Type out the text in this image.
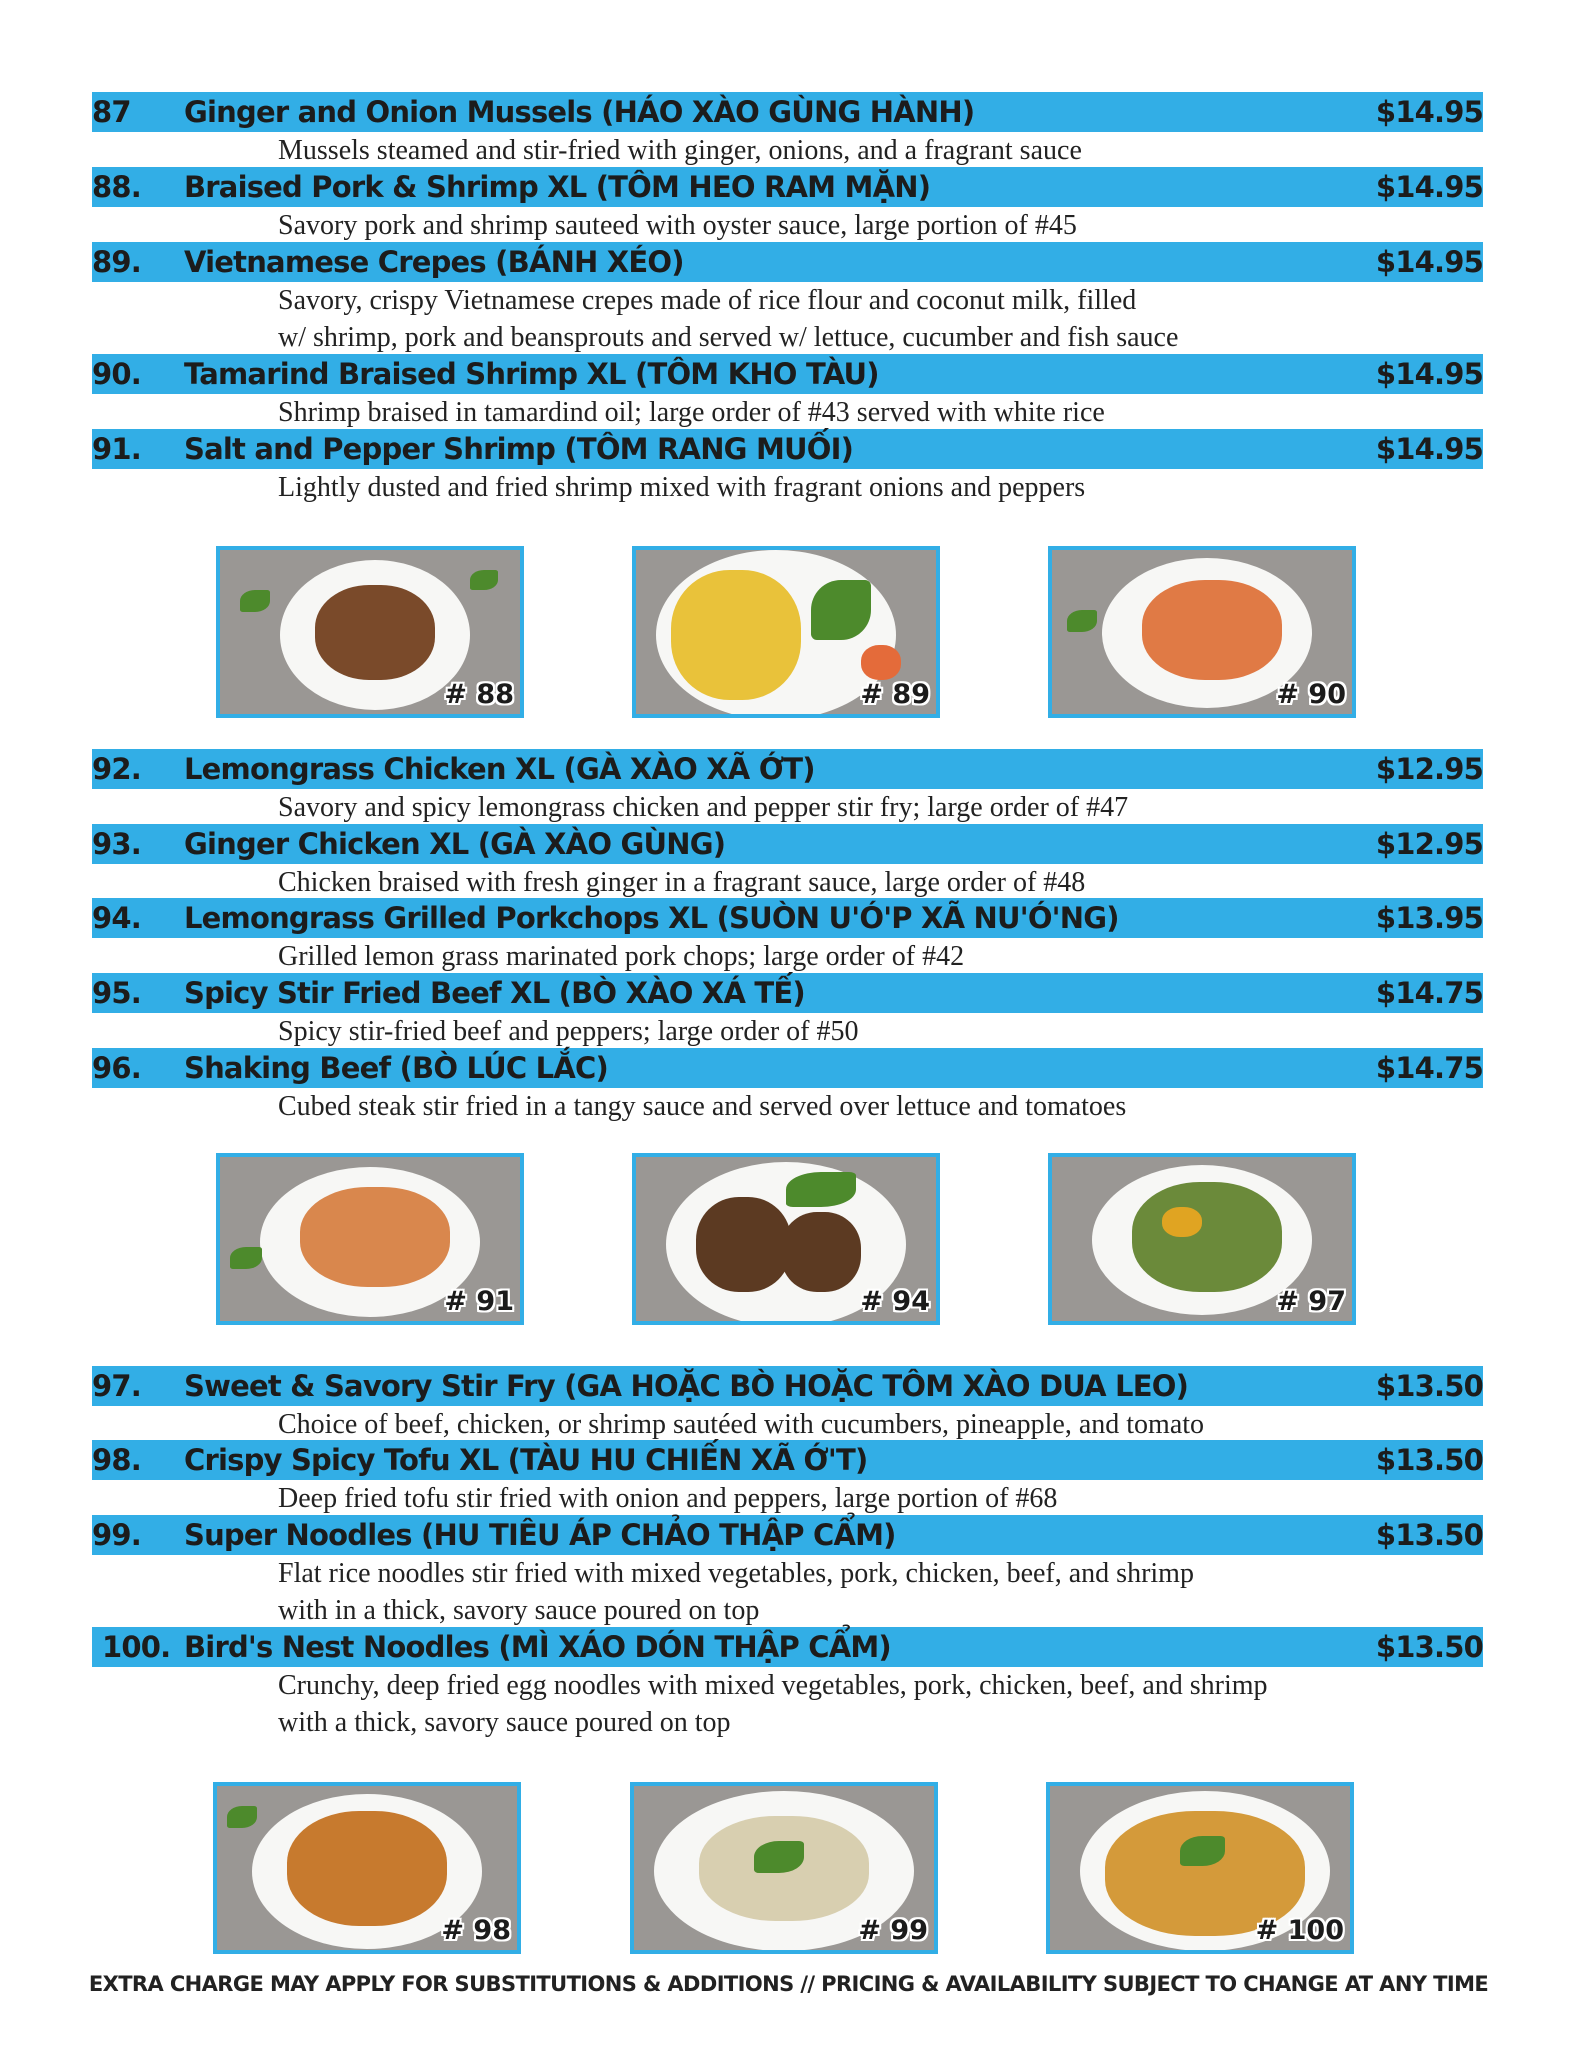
87 Ginger and Onion Mussels (HÁO XÀO GÙNG HÀNH)	$14.95
Mussels steamed and stir-fried with ginger, onions, and a fragrant sauce
88. Braised Pork & Shrimp XL (TÔM HEO RAM MẶN)	$14.95
Savory pork and shrimp sauteed with oyster sauce, large portion of #45
89. Vietnamese Crepes (BÁNH XÉO)	$14.95
Savory, crispy Vietnamese crepes made of rice flour and coconut milk, filled
w/ shrimp, pork and beansprouts and served w/ lettuce, cucumber and fish sauce
90. Tamarind Braised Shrimp XL (TÔM KHO TÀU)	$14.95
Shrimp braised in tamardind oil; large order of #43 served with white rice
91. Salt and Pepper Shrimp (TÔM RANG MUỐI)	$14.95
Lightly dusted and fried shrimp mixed with fragrant onions and peppers
# 88	# 89	# 90
92. Lemongrass Chicken XL (GÀ XÀO XÃ ỚT)	$12.95
Savory and spicy lemongrass chicken and pepper stir fry; large order of #47
93. Ginger Chicken XL (GÀ XÀO GÙNG)	$12.95
Chicken braised with fresh ginger in a fragrant sauce, large order of #48
94. Lemongrass Grilled Porkchops XL (SUÒN U'Ó'P XÃ NU'Ó'NG)	$13.95
Grilled lemon grass marinated pork chops; large order of #42
95. Spicy Stir Fried Beef XL (BÒ XÀO XÁ TẾ)	$14.75
Spicy stir-fried beef and peppers; large order of #50
96. Shaking Beef (BÒ LÚC LẮC)	$14.75
Cubed steak stir fried in a tangy sauce and served over lettuce and tomatoes
# 91	# 94	# 97
97. Sweet & Savory Stir Fry (GA HOẶC BÒ HOẶC TÔM XÀO DUA LEO)	$13.50
Choice of beef, chicken, or shrimp sautéed with cucumbers, pineapple, and tomato
98. Crispy Spicy Tofu XL (TÀU HU CHIẾN XÃ Ớ'T)	$13.50
Deep fried tofu stir fried with onion and peppers, large portion of #68
99. Super Noodles (HU TIÊU ÁP CHẢO THẬP CẨM)	$13.50
Flat rice noodles stir fried with mixed vegetables, pork, chicken, beef, and shrimp
with in a thick, savory sauce poured on top
100. Bird's Nest Noodles (MÌ XÁO DÓN THẬP CẨM)	$13.50
Crunchy, deep fried egg noodles with mixed vegetables, pork, chicken, beef, and shrimp
with a thick, savory sauce poured on top
# 98	# 99	# 100
EXTRA CHARGE MAY APPLY FOR SUBSTITUTIONS & ADDITIONS // PRICING & AVAILABILITY SUBJECT TO CHANGE AT ANY TIME
